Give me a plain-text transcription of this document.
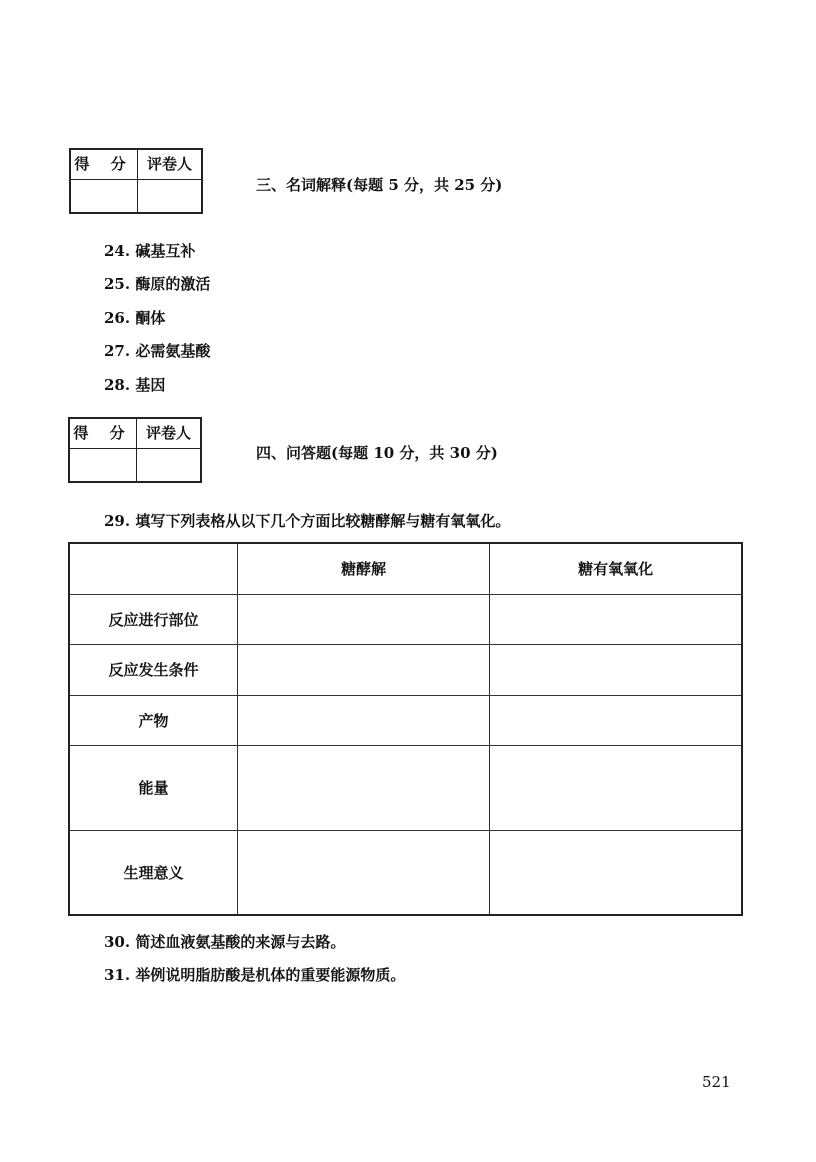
得 分 评卷人
三、名词解释(每题 5 分，共 25 分)
24. 碱基互补
25. 酶原的激活
26. 酮体
27. 必需氨基酸
28. 基因
得 分 评卷人
四、问答题(每题 10 分，共 30 分)
29. 填写下列表格从以下几个方面比较糖酵解与糖有氧氧化。
	糖酵解	糖有氧氧化
反应进行部位		
反应发生条件		
产物		
能量		
生理意义		
30. 简述血液氨基酸的来源与去路。
31. 举例说明脂肪酸是机体的重要能源物质。
521
